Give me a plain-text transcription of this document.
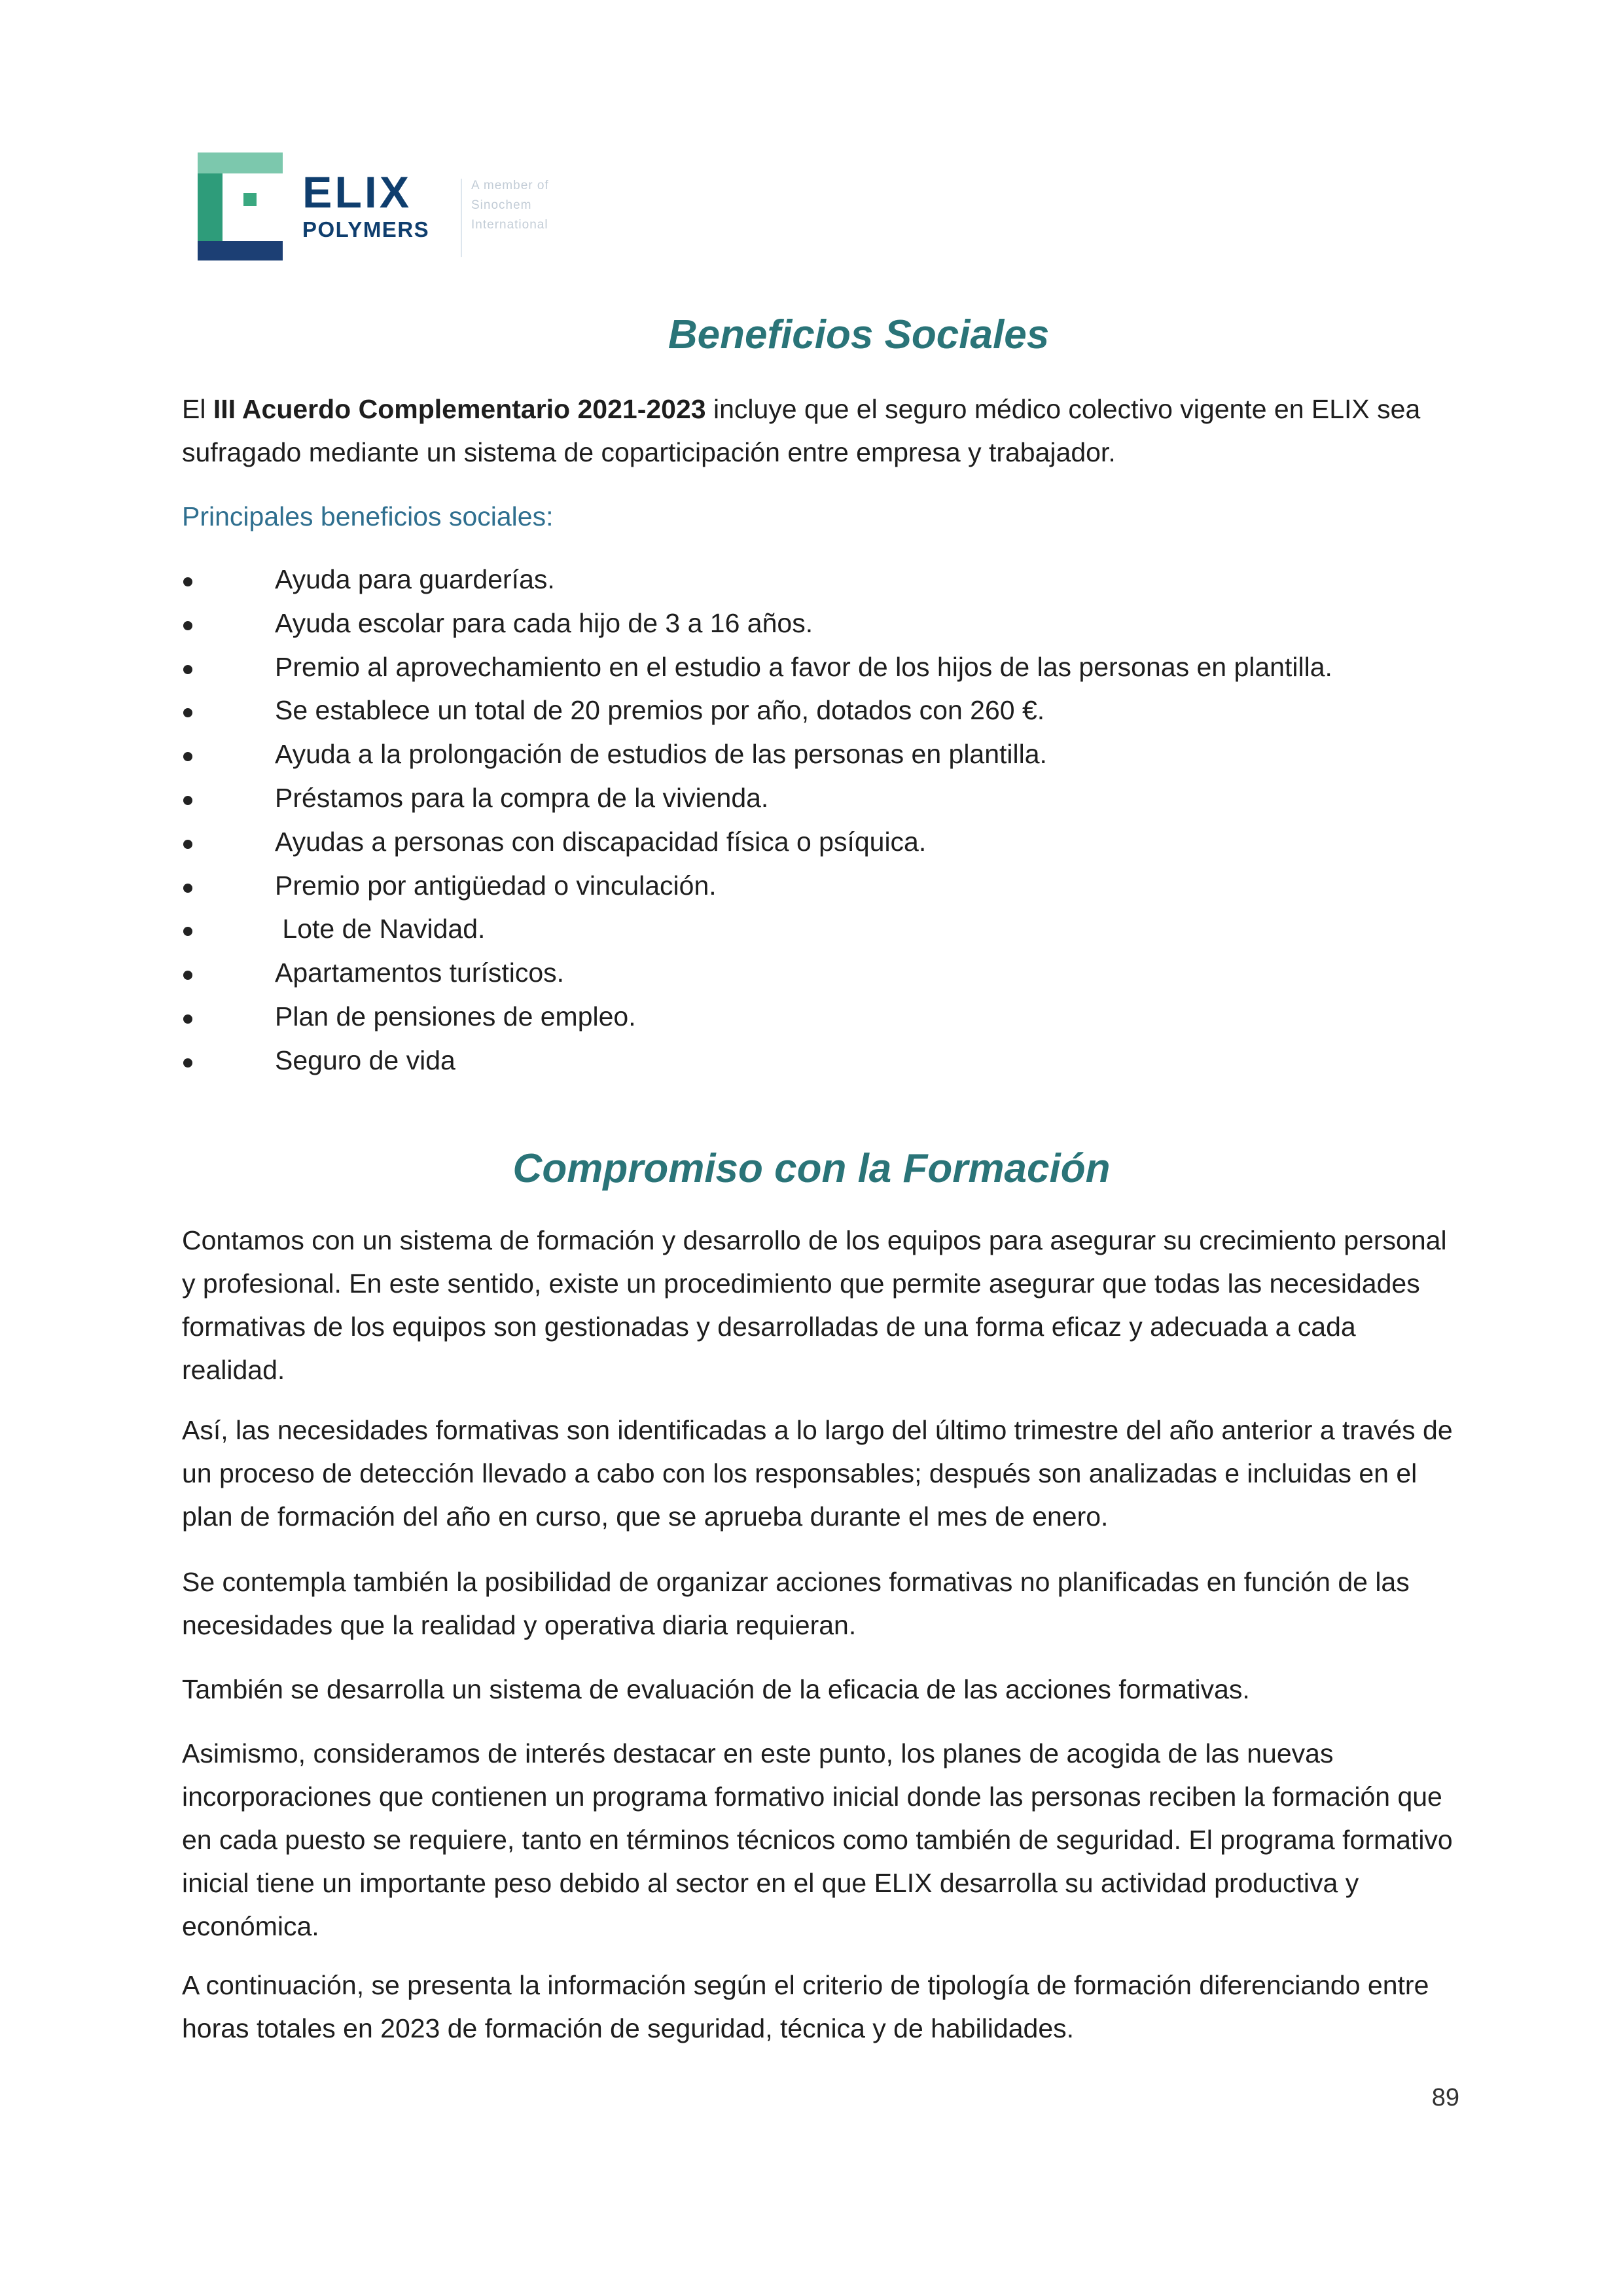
ELIX
POLYMERS
A member of
Sinochem
International
Beneficios Sociales

El III Acuerdo Complementario 2021-2023 incluye que el seguro médico colectivo vigente en ELIX sea sufragado mediante un sistema de coparticipación entre empresa y trabajador.

Principales beneficios sociales:

Ayuda para guarderías.
Ayuda escolar para cada hijo de 3 a 16 años.
Premio al aprovechamiento en el estudio a favor de los hijos de las personas en plantilla.
Se establece un total de 20 premios por año, dotados con 260 €.
Ayuda a la prolongación de estudios de las personas en plantilla.
Préstamos para la compra de la vivienda.
Ayudas a personas con discapacidad física o psíquica.
Premio por antigüedad o vinculación.
Lote de Navidad.
Apartamentos turísticos.
Plan de pensiones de empleo.
Seguro de vida
Compromiso con la Formación

Contamos con un sistema de formación y desarrollo de los equipos para asegurar su crecimiento personal y profesional. En este sentido, existe un procedimiento que permite asegurar que todas las necesidades formativas de los equipos son gestionadas y desarrolladas de una forma eficaz y adecuada a cada realidad.

Así, las necesidades formativas son identificadas a lo largo del último trimestre del año anterior a través de un proceso de detección llevado a cabo con los responsables; después son analizadas e incluidas en el plan de formación del año en curso, que se aprueba durante el mes de enero.

Se contempla también la posibilidad de organizar acciones formativas no planificadas en función de las necesidades que la realidad y operativa diaria requieran.

También se desarrolla un sistema de evaluación de la eficacia de las acciones formativas.

Asimismo, consideramos de interés destacar en este punto, los planes de acogida de las nuevas incorporaciones que contienen un programa formativo inicial donde las personas reciben la formación que en cada puesto se requiere, tanto en términos técnicos como también de seguridad. El programa formativo inicial tiene un importante peso debido al sector en el que ELIX desarrolla su actividad productiva y económica.

A continuación, se presenta la información según el criterio de tipología de formación diferenciando entre horas totales en 2023 de formación de seguridad, técnica y de habilidades.

89
